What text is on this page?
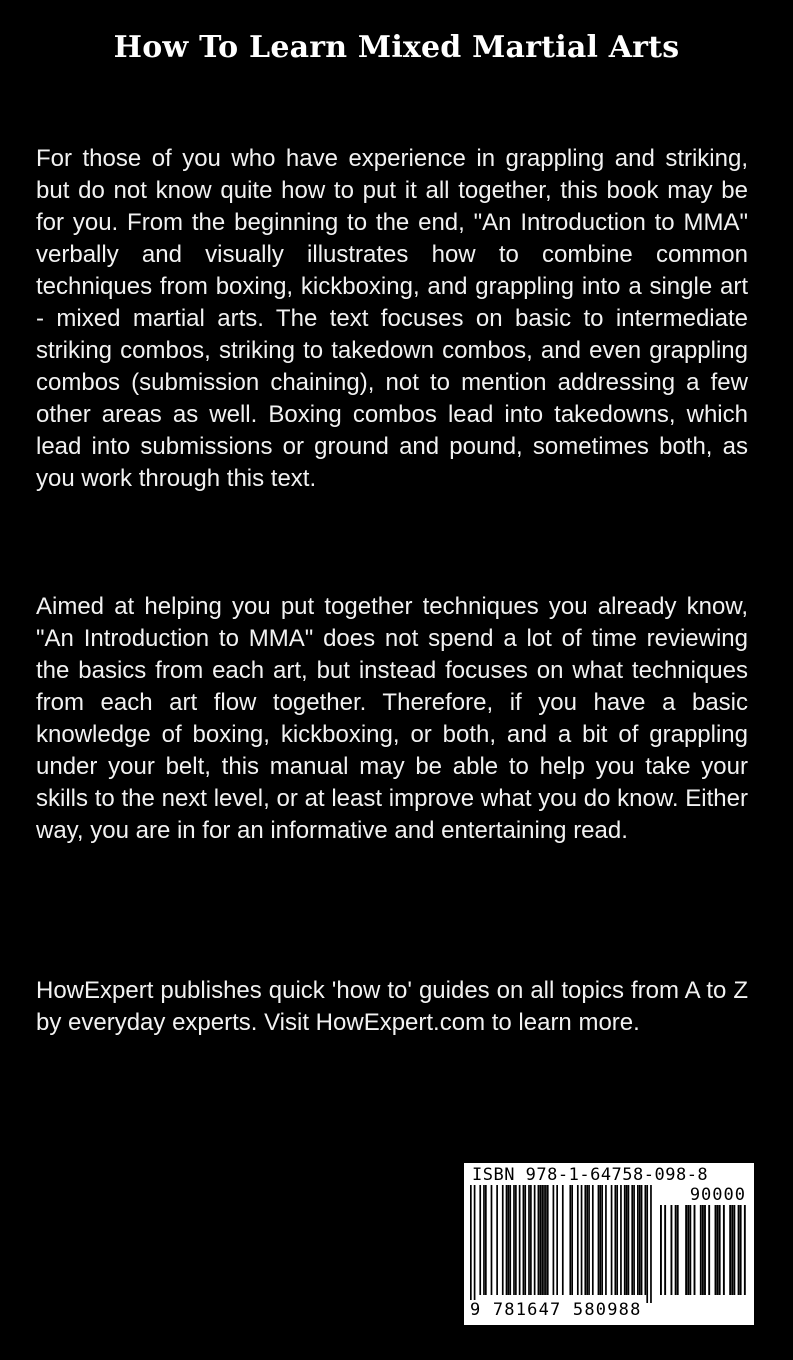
How To Learn Mixed Martial Arts

For those of you who have experience in grappling and striking, but do not know quite how to put it all together, this book may be for you. From the beginning to the end, "An Introduction to MMA" verbally and visually illustrates how to combine common techniques from boxing, kickboxing, and grappling into a single art - mixed martial arts. The text focuses on basic to intermediate striking combos, striking to takedown combos, and even grappling combos (submission chaining), not to mention addressing a few other areas as well. Boxing combos lead into takedowns, which lead into submissions or ground and pound, sometimes both, as you work through this text.

Aimed at helping you put together techniques you already know, "An Introduction to MMA" does not spend a lot of time reviewing the basics from each art, but instead focuses on what techniques from each art flow together. Therefore, if you have a basic knowledge of boxing, kickboxing, or both, and a bit of grappling under your belt, this manual may be able to help you take your skills to the next level, or at least improve what you do know. Either way, you are in for an informative and entertaining read.

HowExpert publishes quick 'how to' guides on all topics from A to Z by everyday experts. Visit HowExpert.com to learn more.

ISBN 978-1-64758-098-8
90000
9 781647 580988
